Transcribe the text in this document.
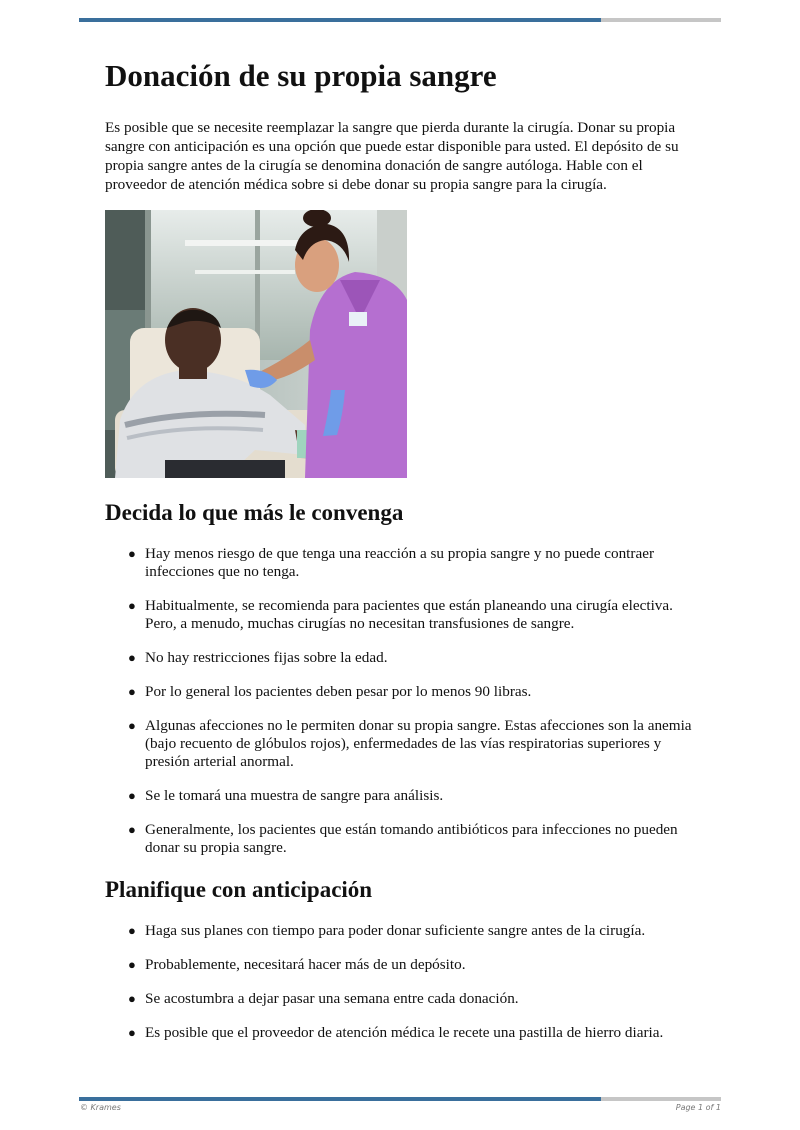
Donación de su propia sangre

Es posible que se necesite reemplazar la sangre que pierda durante la cirugía. Donar su propia sangre con anticipación es una opción que puede estar disponible para usted. El depósito de su propia sangre antes de la cirugía se denomina donación de sangre autóloga. Hable con el proveedor de atención médica sobre si debe donar su propia sangre para la cirugía.

Decida lo que más le convenga
● Hay menos riesgo de que tenga una reacción a su propia sangre y no puede contraer infecciones que no tenga.
● Habitualmente, se recomienda para pacientes que están planeando una cirugía electiva. Pero, a menudo, muchas cirugías no necesitan transfusiones de sangre.
● No hay restricciones fijas sobre la edad.
● Por lo general los pacientes deben pesar por lo menos 90 libras.
● Algunas afecciones no le permiten donar su propia sangre. Estas afecciones son la anemia (bajo recuento de glóbulos rojos), enfermedades de las vías respiratorias superiores y presión arterial anormal.
● Se le tomará una muestra de sangre para análisis.
● Generalmente, los pacientes que están tomando antibióticos para infecciones no pueden donar su propia sangre.
Planifique con anticipación
● Haga sus planes con tiempo para poder donar suficiente sangre antes de la cirugía.
● Probablemente, necesitará hacer más de un depósito.
● Se acostumbra a dejar pasar una semana entre cada donación.
● Es posible que el proveedor de atención médica le recete una pastilla de hierro diaria.
© Krames	Page 1 of 1
